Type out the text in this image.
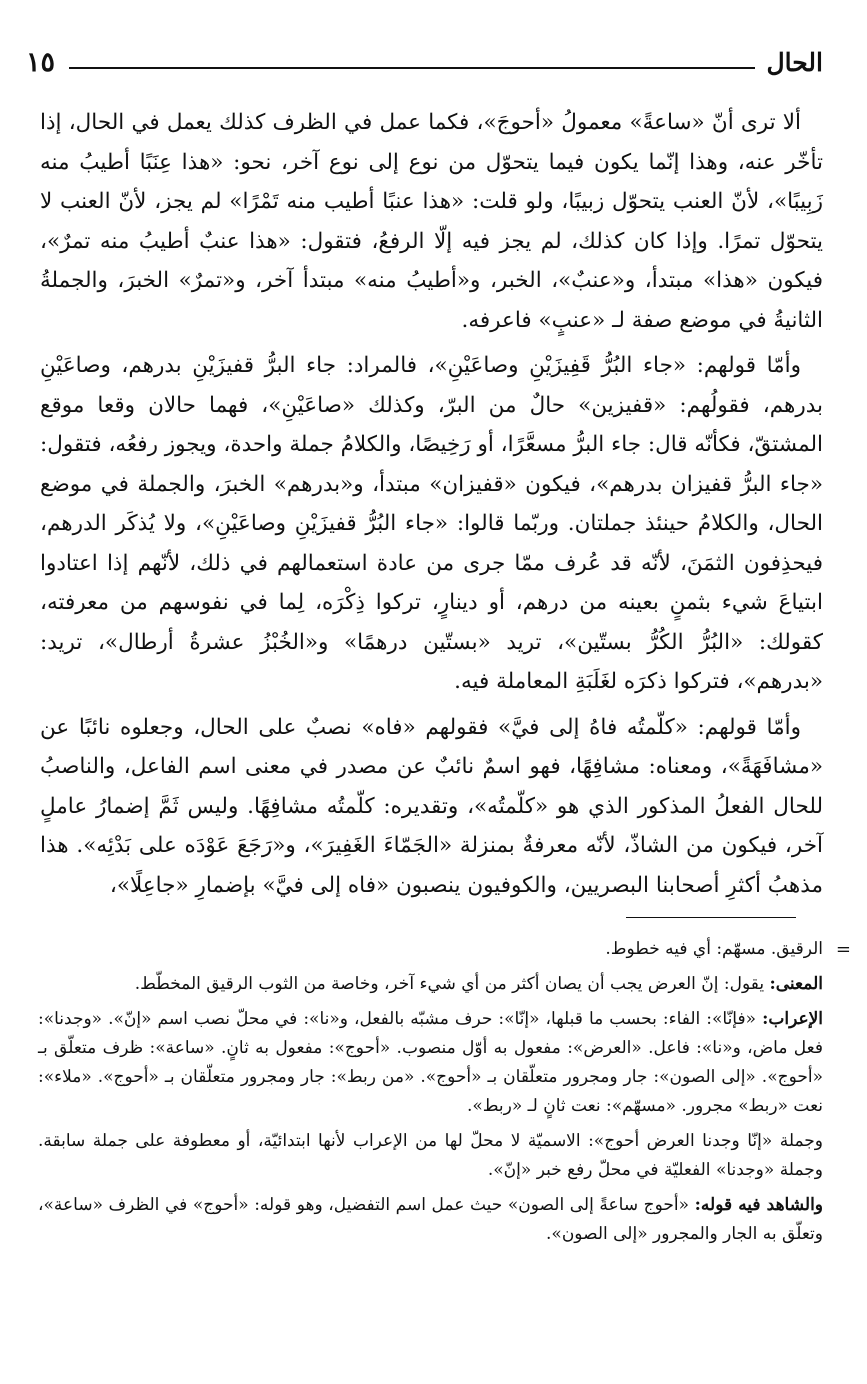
الحال
١٥

ألا ترى أنّ «ساعةً» معمولُ «أحوجَ»، فكما عمل في الظرف كذلك يعمل في الحال، إذا تأخّر عنه، وهذا إنّما يكون فيما يتحوّل من نوع إلى نوع آخر، نحو: «هذا عِنَبًا أطيبُ منه زَبِيبًا»، لأنّ العنب يتحوّل زبيبًا، ولو قلت: «هذا عنبًا أطيب منه تَمْرًا» لم يجز، لأنّ العنب لا يتحوّل تمرًا. وإذا كان كذلك، لم يجز فيه إلّا الرفعُ، فتقول: «هذا عنبٌ أطيبُ منه تمرٌ»، فيكون «هذا» مبتدأ، و«عنبٌ»، الخبر، و«أطيبُ منه» مبتدأ آخر، و«تمرٌ» الخبرَ، والجملةُ الثانيةُ في موضع صفة لـ «عنبٍ» فاعرفه.

وأمّا قولهم: «جاء البُرُّ قَفِيزَيْنِ وصاعَيْنِ»، فالمراد: جاء البرُّ قفيزَيْنِ بدرهم، وصاعَيْنِ بدرهم، فقولُهم: «قفيزين» حالٌ من البرّ، وكذلك «صاعَيْنِ»، فهما حالان وقعا موقع المشتقّ، فكأنّه قال: جاء البرُّ مسعَّرًا، أو رَخِيصًا، والكلامُ جملة واحدة، ويجوز رفعُه، فتقول: «جاء البرُّ قفيزان بدرهم»، فيكون «قفيزان» مبتدأ، و«بدرهم» الخبرَ، والجملة في موضع الحال، والكلامُ حينئذ جملتان. وربّما قالوا: «جاء البُرُّ قفيزَيْنِ وصاعَيْنِ»، ولا يُذكَر الدرهم، فيحذِفون الثمَنَ، لأنّه قد عُرف ممّا جرى من عادة استعمالهم في ذلك، لأنّهم إذا اعتادوا ابتياعَ شيء بثمنٍ بعينه من درهم، أو دينارٍ، تركوا ذِكْرَه، لِما في نفوسهم من معرفته، كقولك: «البُرُّ الكُرُّ بستّين»، تريد «بستّين درهمًا» و«الخُبْزُ عشرةُ أرطال»، تريد: «بدرهم»، فتركوا ذكرَه لغَلَبَةِ المعاملة فيه.

وأمّا قولهم: «كلّمتُه فاهُ إلى فيَّ» فقولهم «فاه» نصبٌ على الحال، وجعلوه نائبًا عن «مشافَهَةً»، ومعناه: مشافِهًا، فهو اسمٌ نائبٌ عن مصدر في معنى اسم الفاعل، والناصبُ للحال الفعلُ المذكور الذي هو «كلّمتُه»، وتقديره: كلّمتُه مشافِهًا. وليس ثَمَّ إضمارُ عاملٍ آخر، فيكون من الشاذّ، لأنّه معرفةٌ بمنزلة «الجَمّاءَ الغَفِيرَ»، و«رَجَعَ عَوْدَه على بَدْئِه». هذا مذهبُ أكثرِ أصحابنا البصريين، والكوفيون ينصبون «فاه إلى فيَّ» بإضمارِ «جاعِلًا»،

=
الرقيق. مسهّم: أي فيه خطوط.

المعنى: يقول: إنّ العرض يجب أن يصان أكثر من أي شيء آخر، وخاصة من الثوب الرقيق المخطّط.

الإعراب: «فإنّا»: الفاء: بحسب ما قبلها، «إنّا»: حرف مشبّه بالفعل، و«نا»: في محلّ نصب اسم «إنّ». «وجدنا»: فعل ماض، و«نا»: فاعل. «العرض»: مفعول به أوّل منصوب. «أحوج»: مفعول به ثانٍ. «ساعة»: ظرف متعلّق بـ «أحوج». «إلى الصون»: جار ومجرور متعلّقان بـ «أحوج». «من ربط»: جار ومجرور متعلّقان بـ «أحوج». «ملاء»: نعت «ربط» مجرور. «مسهّم»: نعت ثانٍ لـ «ربط».

وجملة «إنّا وجدنا العرض أحوج»: الاسميّة لا محلّ لها من الإعراب لأنها ابتدائيّة، أو معطوفة على جملة سابقة. وجملة «وجدنا» الفعليّة في محلّ رفع خبر «إنّ».

والشاهد فيه قوله: «أحوج ساعةً إلى الصون» حيث عمل اسم التفضيل، وهو قوله: «أحوج» في الظرف «ساعة»، وتعلّق به الجار والمجرور «إلى الصون».
